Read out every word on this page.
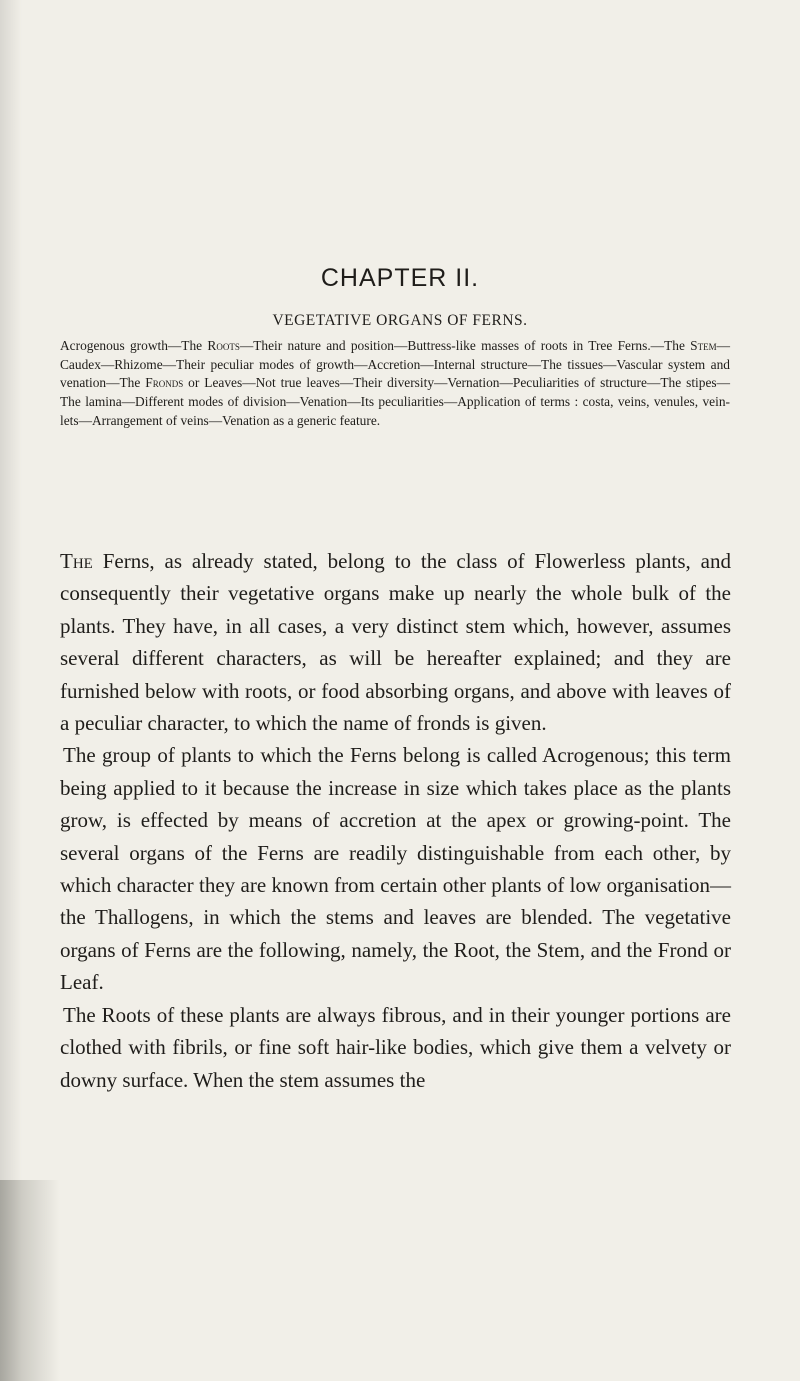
CHAPTER II.
VEGETATIVE ORGANS OF FERNS.

Acrogenous growth—The Roots—Their nature and position—Buttress-like masses of roots in Tree Ferns.—The Stem—Caudex—Rhizome—Their peculiar modes of growth—Accretion—Internal structure—The tissues—Vascular system and venation—The Fronds or Leaves—Not true leaves—Their diversity—Vernation—Peculiarities of structure—The stipes—The lamina—Different modes of division—Venation—Its peculiarities—Application of terms : costa, veins, venules, veinlets—Arrangement of veins—Venation as a generic feature.

The Ferns, as already stated, belong to the class of Flowerless plants, and consequently their vegetative organs make up nearly the whole bulk of the plants. They have, in all cases, a very distinct stem which, however, assumes several different characters, as will be hereafter explained; and they are furnished below with roots, or food absorbing organs, and above with leaves of a peculiar character, to which the name of fronds is given.

The group of plants to which the Ferns belong is called Acrogenous; this term being applied to it because the increase in size which takes place as the plants grow, is effected by means of accretion at the apex or growing-point. The several organs of the Ferns are readily distinguishable from each other, by which character they are known from certain other plants of low organisation—the Thallogens, in which the stems and leaves are blended. The vegetative organs of Ferns are the following, namely, the Root, the Stem, and the Frond or Leaf.

The Roots of these plants are always fibrous, and in their younger portions are clothed with fibrils, or fine soft hair-like bodies, which give them a velvety or downy surface. When the stem assumes the
